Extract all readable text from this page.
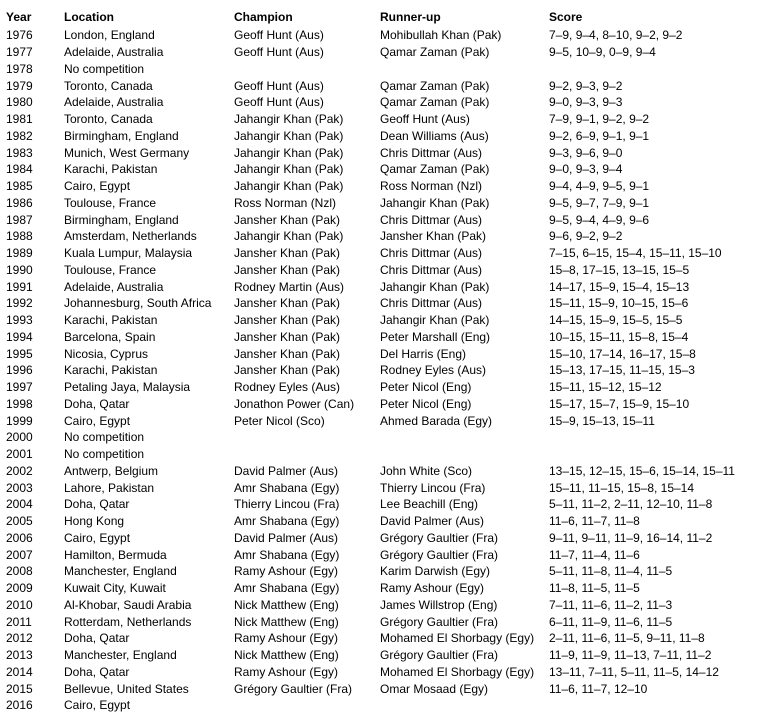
Year	Location	Champion	Runner-up	Score
1976	London, England	Geoff Hunt (Aus)	Mohibullah Khan (Pak)	7–9, 9–4, 8–10, 9–2, 9–2
1977	Adelaide, Australia	Geoff Hunt (Aus)	Qamar Zaman (Pak)	9–5, 10–9, 0–9, 9–4
1978	No competition			
1979	Toronto, Canada	Geoff Hunt (Aus)	Qamar Zaman (Pak)	9–2, 9–3, 9–2
1980	Adelaide, Australia	Geoff Hunt (Aus)	Qamar Zaman (Pak)	9–0, 9–3, 9–3
1981	Toronto, Canada	Jahangir Khan (Pak)	Geoff Hunt (Aus)	7–9, 9–1, 9–2, 9–2
1982	Birmingham, England	Jahangir Khan (Pak)	Dean Williams (Aus)	9–2, 6–9, 9–1, 9–1
1983	Munich, West Germany	Jahangir Khan (Pak)	Chris Dittmar (Aus)	9–3, 9–6, 9–0
1984	Karachi, Pakistan	Jahangir Khan (Pak)	Qamar Zaman (Pak)	9–0, 9–3, 9–4
1985	Cairo, Egypt	Jahangir Khan (Pak)	Ross Norman (Nzl)	9–4, 4–9, 9–5, 9–1
1986	Toulouse, France	Ross Norman (Nzl)	Jahangir Khan (Pak)	9–5, 9–7, 7–9, 9–1
1987	Birmingham, England	Jansher Khan (Pak)	Chris Dittmar (Aus)	9–5, 9–4, 4–9, 9–6
1988	Amsterdam, Netherlands	Jahangir Khan (Pak)	Jansher Khan (Pak)	9–6, 9–2, 9–2
1989	Kuala Lumpur, Malaysia	Jansher Khan (Pak)	Chris Dittmar (Aus)	7–15, 6–15, 15–4, 15–11, 15–10
1990	Toulouse, France	Jansher Khan (Pak)	Chris Dittmar (Aus)	15–8, 17–15, 13–15, 15–5
1991	Adelaide, Australia	Rodney Martin (Aus)	Jahangir Khan (Pak)	14–17, 15–9, 15–4, 15–13
1992	Johannesburg, South Africa	Jansher Khan (Pak)	Chris Dittmar (Aus)	15–11, 15–9, 10–15, 15–6
1993	Karachi, Pakistan	Jansher Khan (Pak)	Jahangir Khan (Pak)	14–15, 15–9, 15–5, 15–5
1994	Barcelona, Spain	Jansher Khan (Pak)	Peter Marshall (Eng)	10–15, 15–11, 15–8, 15–4
1995	Nicosia, Cyprus	Jansher Khan (Pak)	Del Harris (Eng)	15–10, 17–14, 16–17, 15–8
1996	Karachi, Pakistan	Jansher Khan (Pak)	Rodney Eyles (Aus)	15–13, 17–15, 11–15, 15–3
1997	Petaling Jaya, Malaysia	Rodney Eyles (Aus)	Peter Nicol (Eng)	15–11, 15–12, 15–12
1998	Doha, Qatar	Jonathon Power (Can)	Peter Nicol (Eng)	15–17, 15–7, 15–9, 15–10
1999	Cairo, Egypt	Peter Nicol (Sco)	Ahmed Barada (Egy)	15–9, 15–13, 15–11
2000	No competition			
2001	No competition			
2002	Antwerp, Belgium	David Palmer (Aus)	John White (Sco)	13–15, 12–15, 15–6, 15–14, 15–11
2003	Lahore, Pakistan	Amr Shabana (Egy)	Thierry Lincou (Fra)	15–11, 11–15, 15–8, 15–14
2004	Doha, Qatar	Thierry Lincou (Fra)	Lee Beachill (Eng)	5–11, 11–2, 2–11, 12–10, 11–8
2005	Hong Kong	Amr Shabana (Egy)	David Palmer (Aus)	11–6, 11–7, 11–8
2006	Cairo, Egypt	David Palmer (Aus)	Grégory Gaultier (Fra)	9–11, 9–11, 11–9, 16–14, 11–2
2007	Hamilton, Bermuda	Amr Shabana (Egy)	Grégory Gaultier (Fra)	11–7, 11–4, 11–6
2008	Manchester, England	Ramy Ashour (Egy)	Karim Darwish (Egy)	5–11, 11–8, 11–4, 11–5
2009	Kuwait City, Kuwait	Amr Shabana (Egy)	Ramy Ashour (Egy)	11–8, 11–5, 11–5
2010	Al-Khobar, Saudi Arabia	Nick Matthew (Eng)	James Willstrop (Eng)	7–11, 11–6, 11–2, 11–3
2011	Rotterdam, Netherlands	Nick Matthew (Eng)	Grégory Gaultier (Fra)	6–11, 11–9, 11–6, 11–5
2012	Doha, Qatar	Ramy Ashour (Egy)	Mohamed El Shorbagy (Egy)	2–11, 11–6, 11–5, 9–11, 11–8
2013	Manchester, England	Nick Matthew (Eng)	Grégory Gaultier (Fra)	11–9, 11–9, 11–13, 7–11, 11–2
2014	Doha, Qatar	Ramy Ashour (Egy)	Mohamed El Shorbagy (Egy)	13–11, 7–11, 5–11, 11–5, 14–12
2015	Bellevue, United States	Grégory Gaultier (Fra)	Omar Mosaad (Egy)	11–6, 11–7, 12–10
2016	Cairo, Egypt			
